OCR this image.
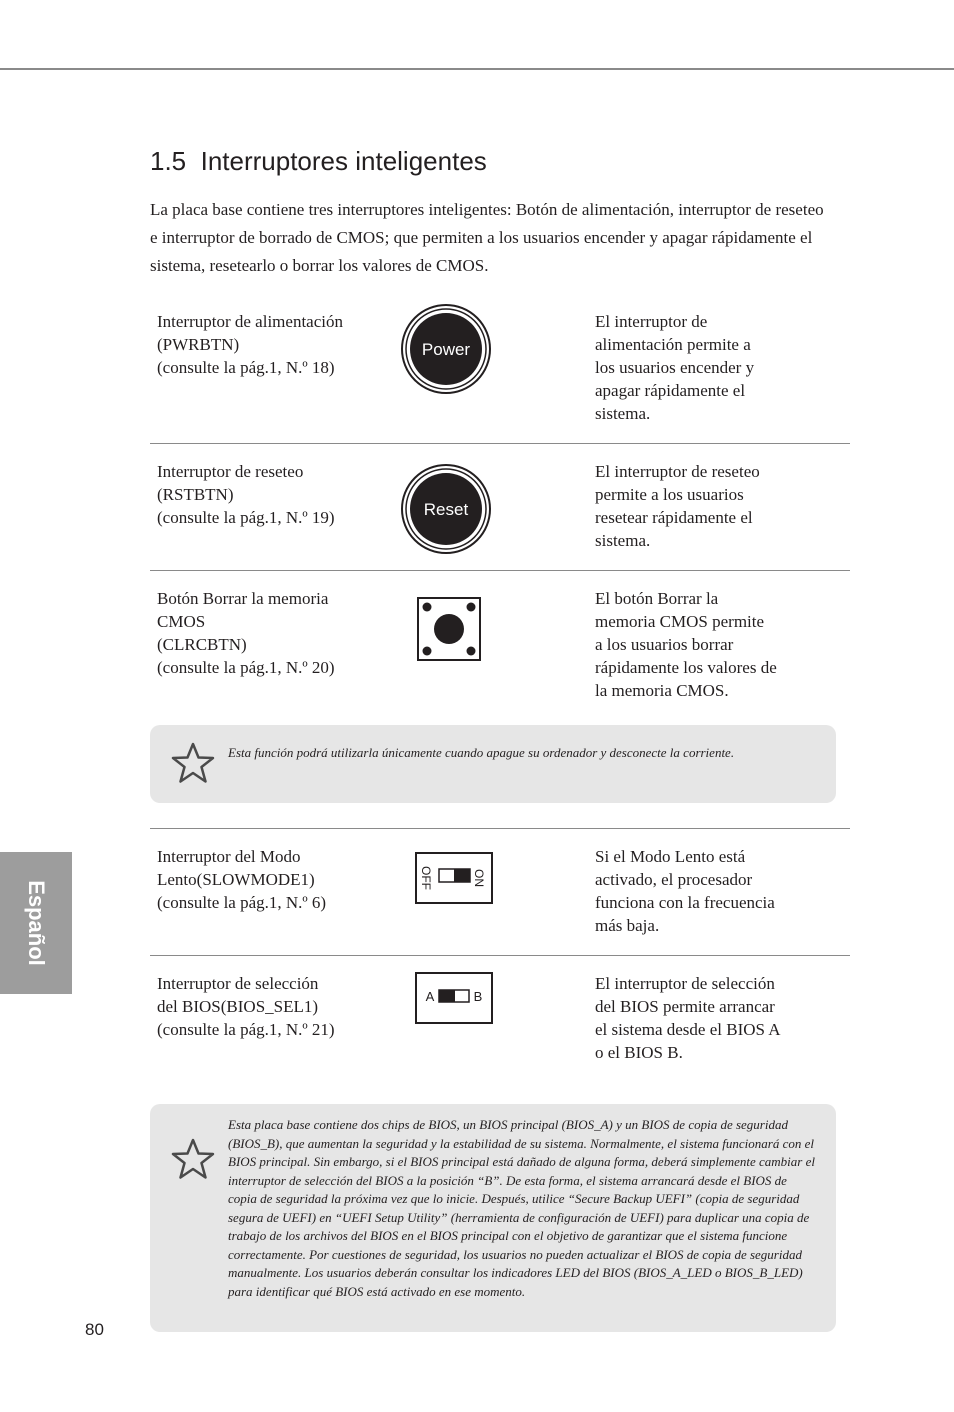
Español
1.5 Interruptores inteligentes
La placa base contiene tres interruptores inteligentes: Botón de alimentación, interruptor de reseteo e interruptor de borrado de CMOS; que permiten a los usuarios encender y apagar rápidamente el sistema, resetearlo o borrar los valores de CMOS.
Interruptor de alimentación
(PWRBTN)
(consulte la pág.1, N.º 18)
El interruptor de
alimentación permite a
los usuarios encender y
apagar rápidamente el
sistema.
Power
Interruptor de reseteo
(RSTBTN)
(consulte la pág.1, N.º 19)
El interruptor de reseteo
permite a los usuarios
resetear rápidamente el
sistema.
Reset
Botón Borrar la memoria
CMOS
(CLRCBTN)
(consulte la pág.1, N.º 20)
El botón Borrar la
memoria CMOS permite
a los usuarios borrar
rápidamente los valores de
la memoria CMOS.
Esta función podrá utilizarla únicamente cuando apague su ordenador y desconecte la corriente.
Interruptor del Modo
Lento(SLOWMODE1)
(consulte la pág.1, N.º 6)
Si el Modo Lento está
activado, el procesador
funciona con la frecuencia
más baja.
OFF	ON
Interruptor de selección
del BIOS(BIOS_SEL1)
(consulte la pág.1, N.º 21)
El interruptor de selección
del BIOS permite arrancar
el sistema desde el BIOS A
o el BIOS B.
A	B
Esta placa base contiene dos chips de BIOS, un BIOS principal (BIOS_A) y un BIOS de copia de seguridad (BIOS_B), que aumentan la seguridad y la estabilidad de su sistema. Normalmente, el sistema funcionará con el BIOS principal. Sin embargo, si el BIOS principal está dañado de alguna forma, deberá simplemente cambiar el interruptor de selección del BIOS a la posición “B”. De esta forma, el sistema arrancará desde el BIOS de copia de seguridad la próxima vez que lo inicie. Después, utilice “Secure Backup UEFI” (copia de seguridad segura de UEFI) en “UEFI Setup Utility” (herramienta de configuración de UEFI) para duplicar una copia de trabajo de los archivos del BIOS en el BIOS principal con el objetivo de garantizar que el sistema funcione correctamente. Por cuestiones de seguridad, los usuarios no pueden actualizar el BIOS de copia de seguridad manualmente. Los usuarios deberán consultar los indicadores LED del BIOS (BIOS_A_LED o BIOS_B_LED) para identificar qué BIOS está activado en ese momento.
80
